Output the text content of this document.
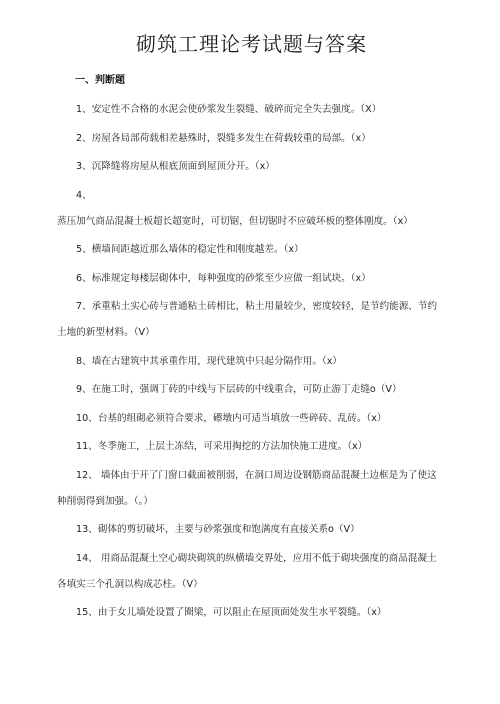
砌筑工理论考试题与答案
一、判断题
1 、 安定性不合格的水泥会使砂浆发生裂缝、破碎而完全失去强度。（X）
2 、 房屋各局部荷载相差悬殊时，裂缝多发生在荷载较重的局部。（x）
3 、 沉降缝将房屋从根底顶面到屋顶分开。（x）
4 、蒸压加气商品混凝土板超长超宽时，可切锯，但切锯时不应破坏板的整体刚度。（x）
5 、 横墙间距越近那么墙体的稳定性和刚度越差。（x）
6 、 标准规定每楼层砌体中，每种强度的砂浆至少应做一组试块。（x）
7 、 承重粘土实心砖与普通粘土砖相比，粘土用量较少，密度较轻，是节约能源、节约土地的新型材料。（V）
8 、 墙在古建筑中其承重作用，现代建筑中只起分隔作用。（x）
9 、 在施工时，强调丁砖的中线与下层砖的中线重合，可防止游丁走缝o（V）
10 、 台基的组砌必须符合要求，礤墩内可适当填放一些碎砖、乱砖。（x）
11 、 冬季施工，上层土冻结，可采用掏挖的方法加快施工进度。（x）
12 、 墙体由于开了门窗口截面被削弱，在洞口周边设钢筋商品混凝土边框是为了使这种削弱得到加强。（。）
13 、 砌体的剪切破坏，主要与砂浆强度和饱满度有直接关系o（V）
14 、 用商品混凝土空心砌块砌筑的纵横墙交界处，应用不低于砌块强度的商品混凝土各填实三个孔洞以构成芯柱。（V）
15 、 由于女儿墙处设置了圈梁，可以阻止在屋顶面处发生水平裂缝。（x）
